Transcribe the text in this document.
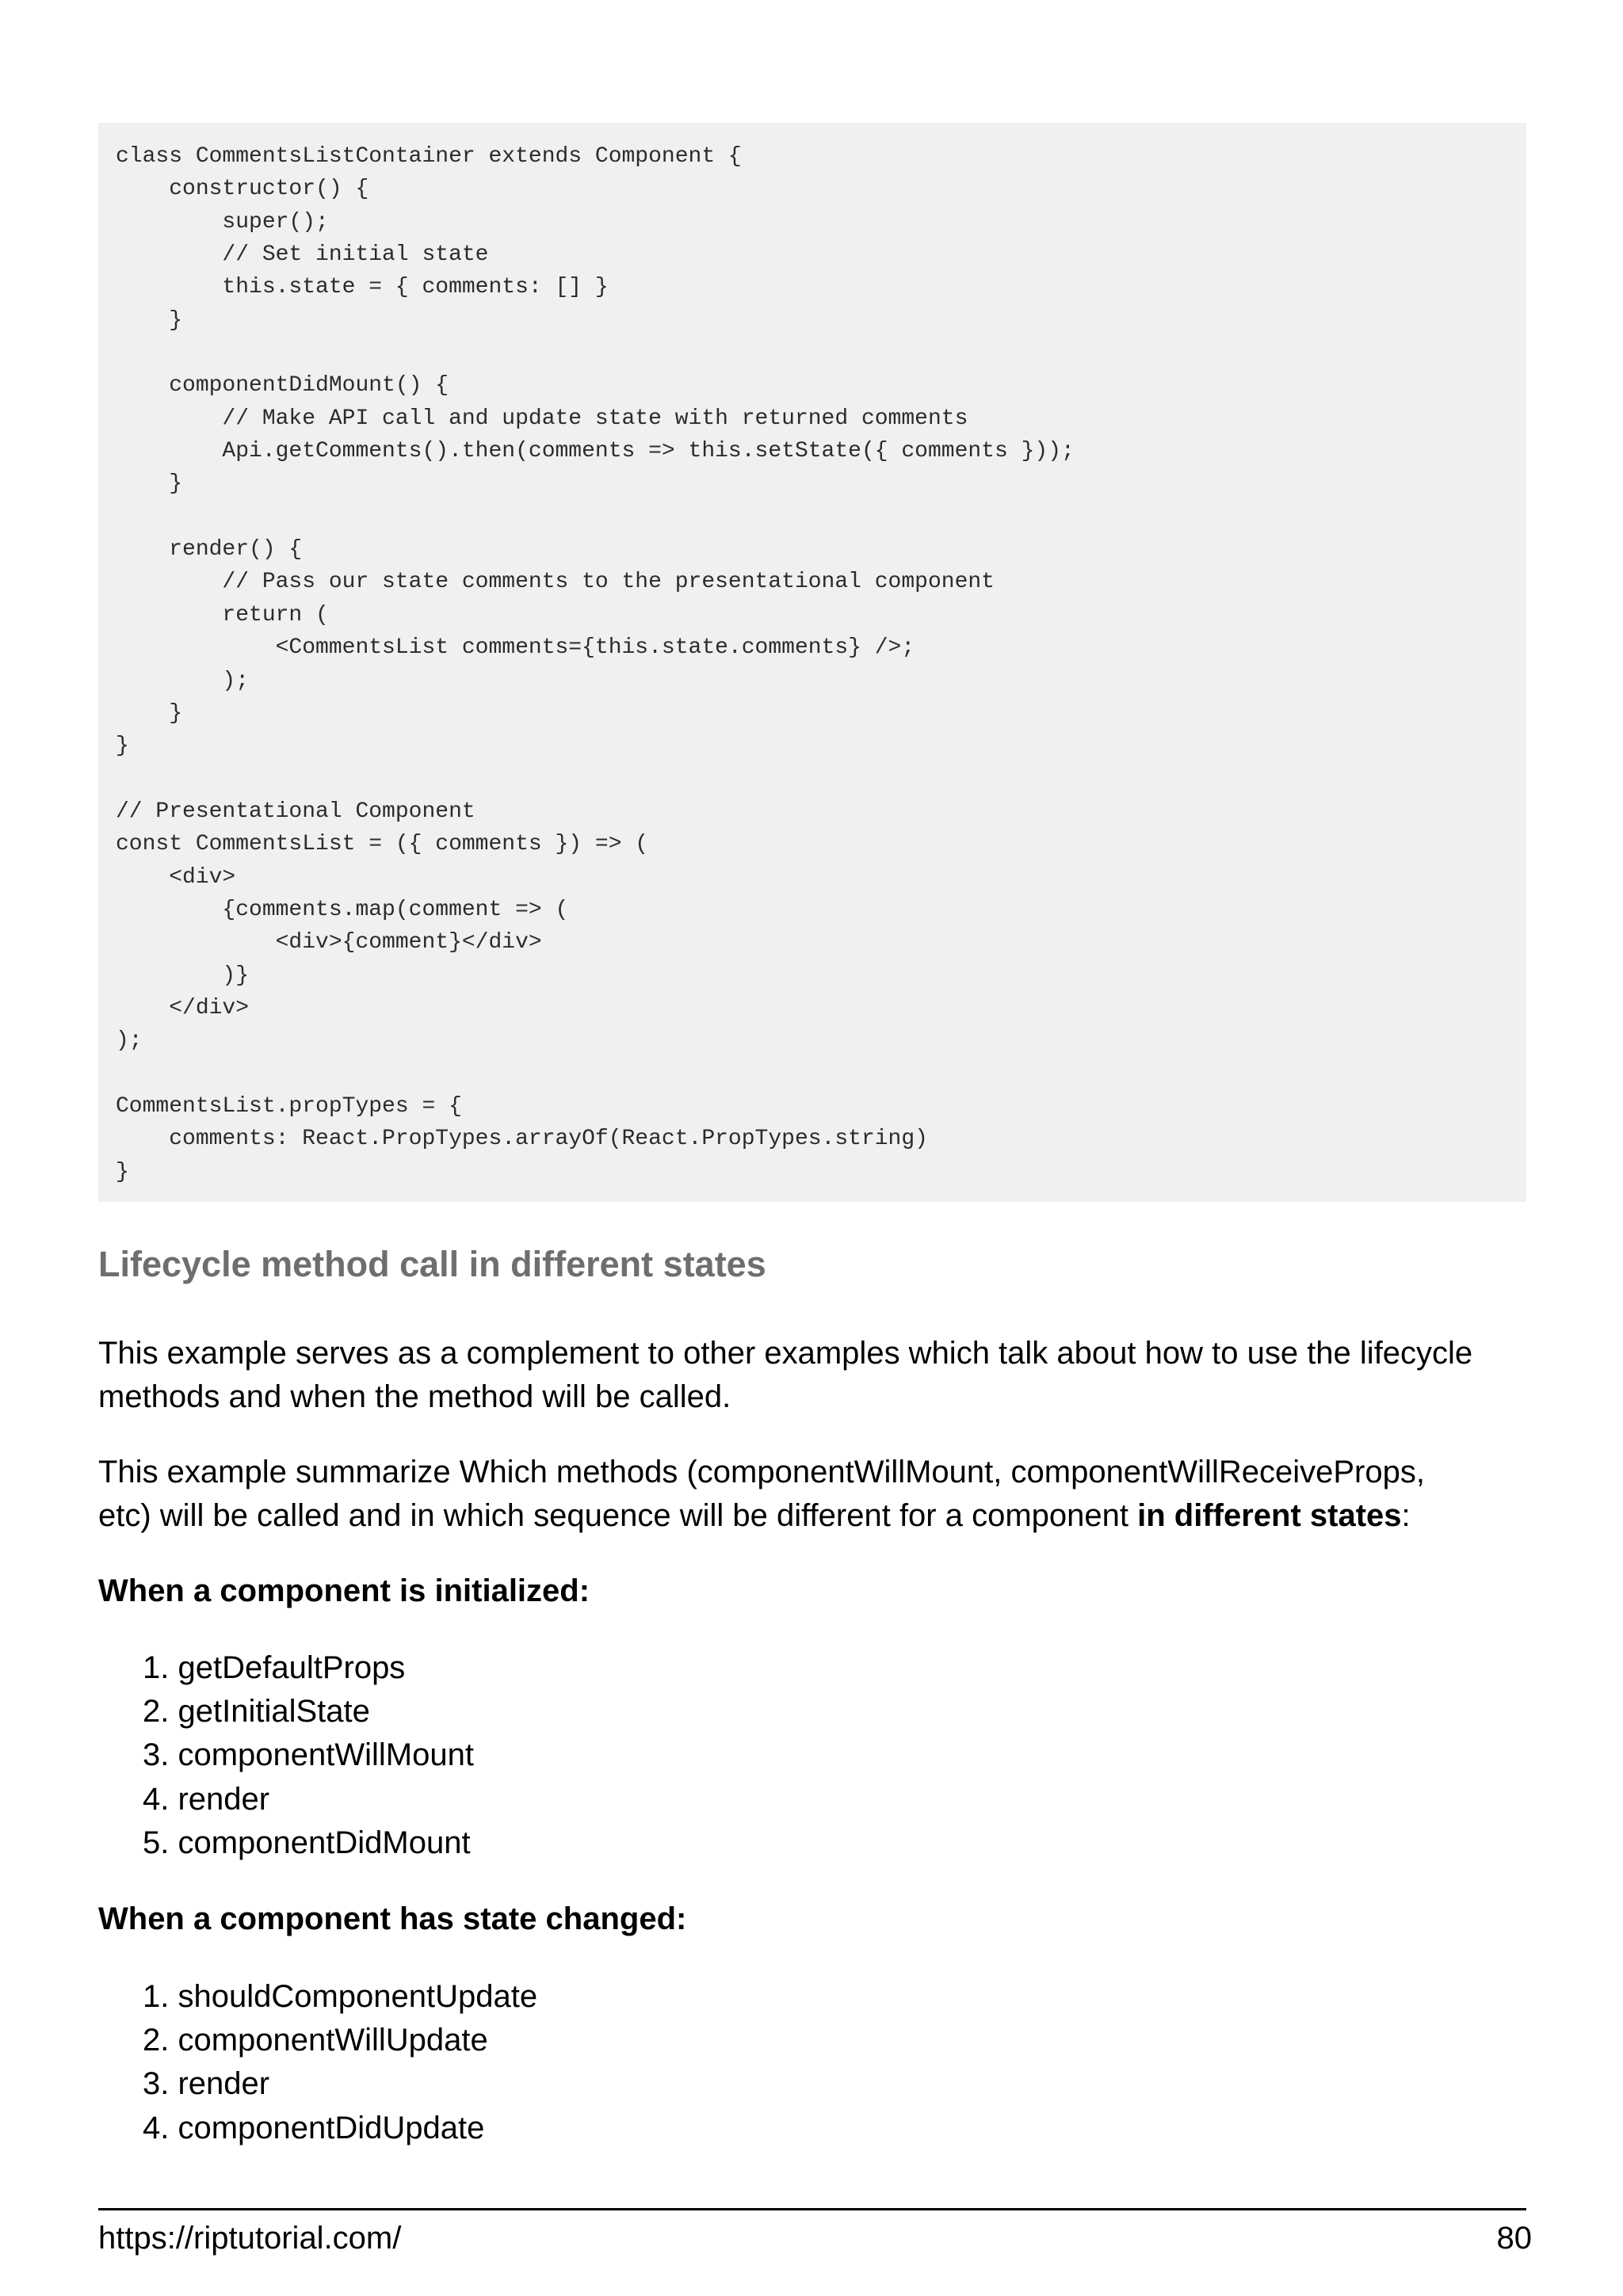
class CommentsListContainer extends Component {
constructor() {
super();
// Set initial state
this.state = { comments: [] }
}
componentDidMount() {
// Make API call and update state with returned comments
Api.getComments().then(comments => this.setState({ comments }));
}
render() {
// Pass our state comments to the presentational component
return (
<CommentsList comments={this.state.comments} />;
);
}
}
// Presentational Component
const CommentsList = ({ comments }) => (
<div>
{comments.map(comment => (
<div>{comment}</div>
)}
</div>
);
CommentsList.propTypes = {
comments: React.PropTypes.arrayOf(React.PropTypes.string)
}
Lifecycle method call in different states

This example serves as a complement to other examples which talk about how to use the lifecycle
methods and when the method will be called.

This example summarize Which methods (componentWillMount, componentWillReceiveProps,
etc) will be called and in which sequence will be different for a component in different states:

When a component is initialized:

1. getDefaultProps
2. getInitialState
3. componentWillMount
4. render
5. componentDidMount

When a component has state changed:

1. shouldComponentUpdate
2. componentWillUpdate
3. render
4. componentDidUpdate
https://riptutorial.com/	80
